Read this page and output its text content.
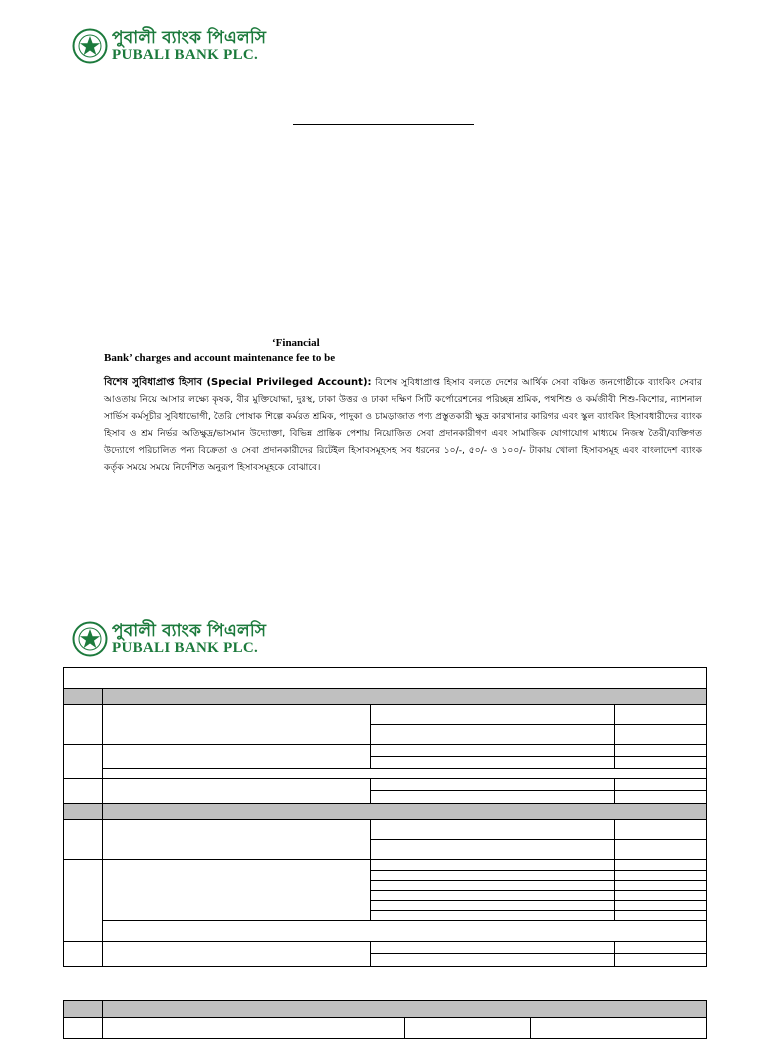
পুবালী ব্যাংক পিএলসি
PUBALI BANK PLC.
‘Financial
Bank’ charges and account maintenance fee to be
বিশেষ সুবিধাপ্রাপ্ত হিসাব (Special Privileged Account): বিশেষ সুবিধাপ্রাপ্ত হিসাব বলতে দেশের আর্থিক সেবা বঞ্চিত জনগোষ্ঠীকে ব্যাংকিং সেবার আওতায় নিয়ে আসার লক্ষ্যে কৃষক, বীর মুক্তিযোদ্ধা, দুঃস্থ, ঢাকা উত্তর ও ঢাকা দক্ষিণ সিটি কর্পোরেশনের পরিচ্ছন্ন শ্রমিক, পথশিশু ও কর্মজীবী শিশু-কিশোর, ন্যাশনাল সার্ভিস কর্মসূচীর সুবিধাভোগী, তৈরি পোষাক শিল্পে কর্মরত শ্রমিক, পাদুকা ও চামড়াজাত পণ্য প্রস্তুতকারী ক্ষুদ্র কারখানার কারিগর এবং স্কুল ব্যাংকিং হিসাবধারীদের ব্যাংক হিসাব ও শ্রম নির্ভর অতিক্ষুদ্র/ভাসমান উদ্যোক্তা, বিভিন্ন প্রান্তিক পেশায় নিয়োজিত সেবা প্রদানকারীগণ এবং সামাজিক যোগাযোগ মাধ্যমে নিজস্ব তৈরী/ব্যক্তিগত উদ্যোগে পরিচালিত পন্য বিক্রেতা ও সেবা প্রদানকারীদের রিটেইল হিসাবসমূহসহ সব ধরনের ১০/-, ৫০/- ও ১০০/- টাকায় খোলা হিসাবসমূহ এবং বাংলাদেশ ব্যাংক কর্তৃক সময়ে সময়ে নির্দেশিত অনুরূপ হিসাবসমূহকে বোঝাবে।
পুবালী ব্যাংক পিএলসি
PUBALI BANK PLC.
